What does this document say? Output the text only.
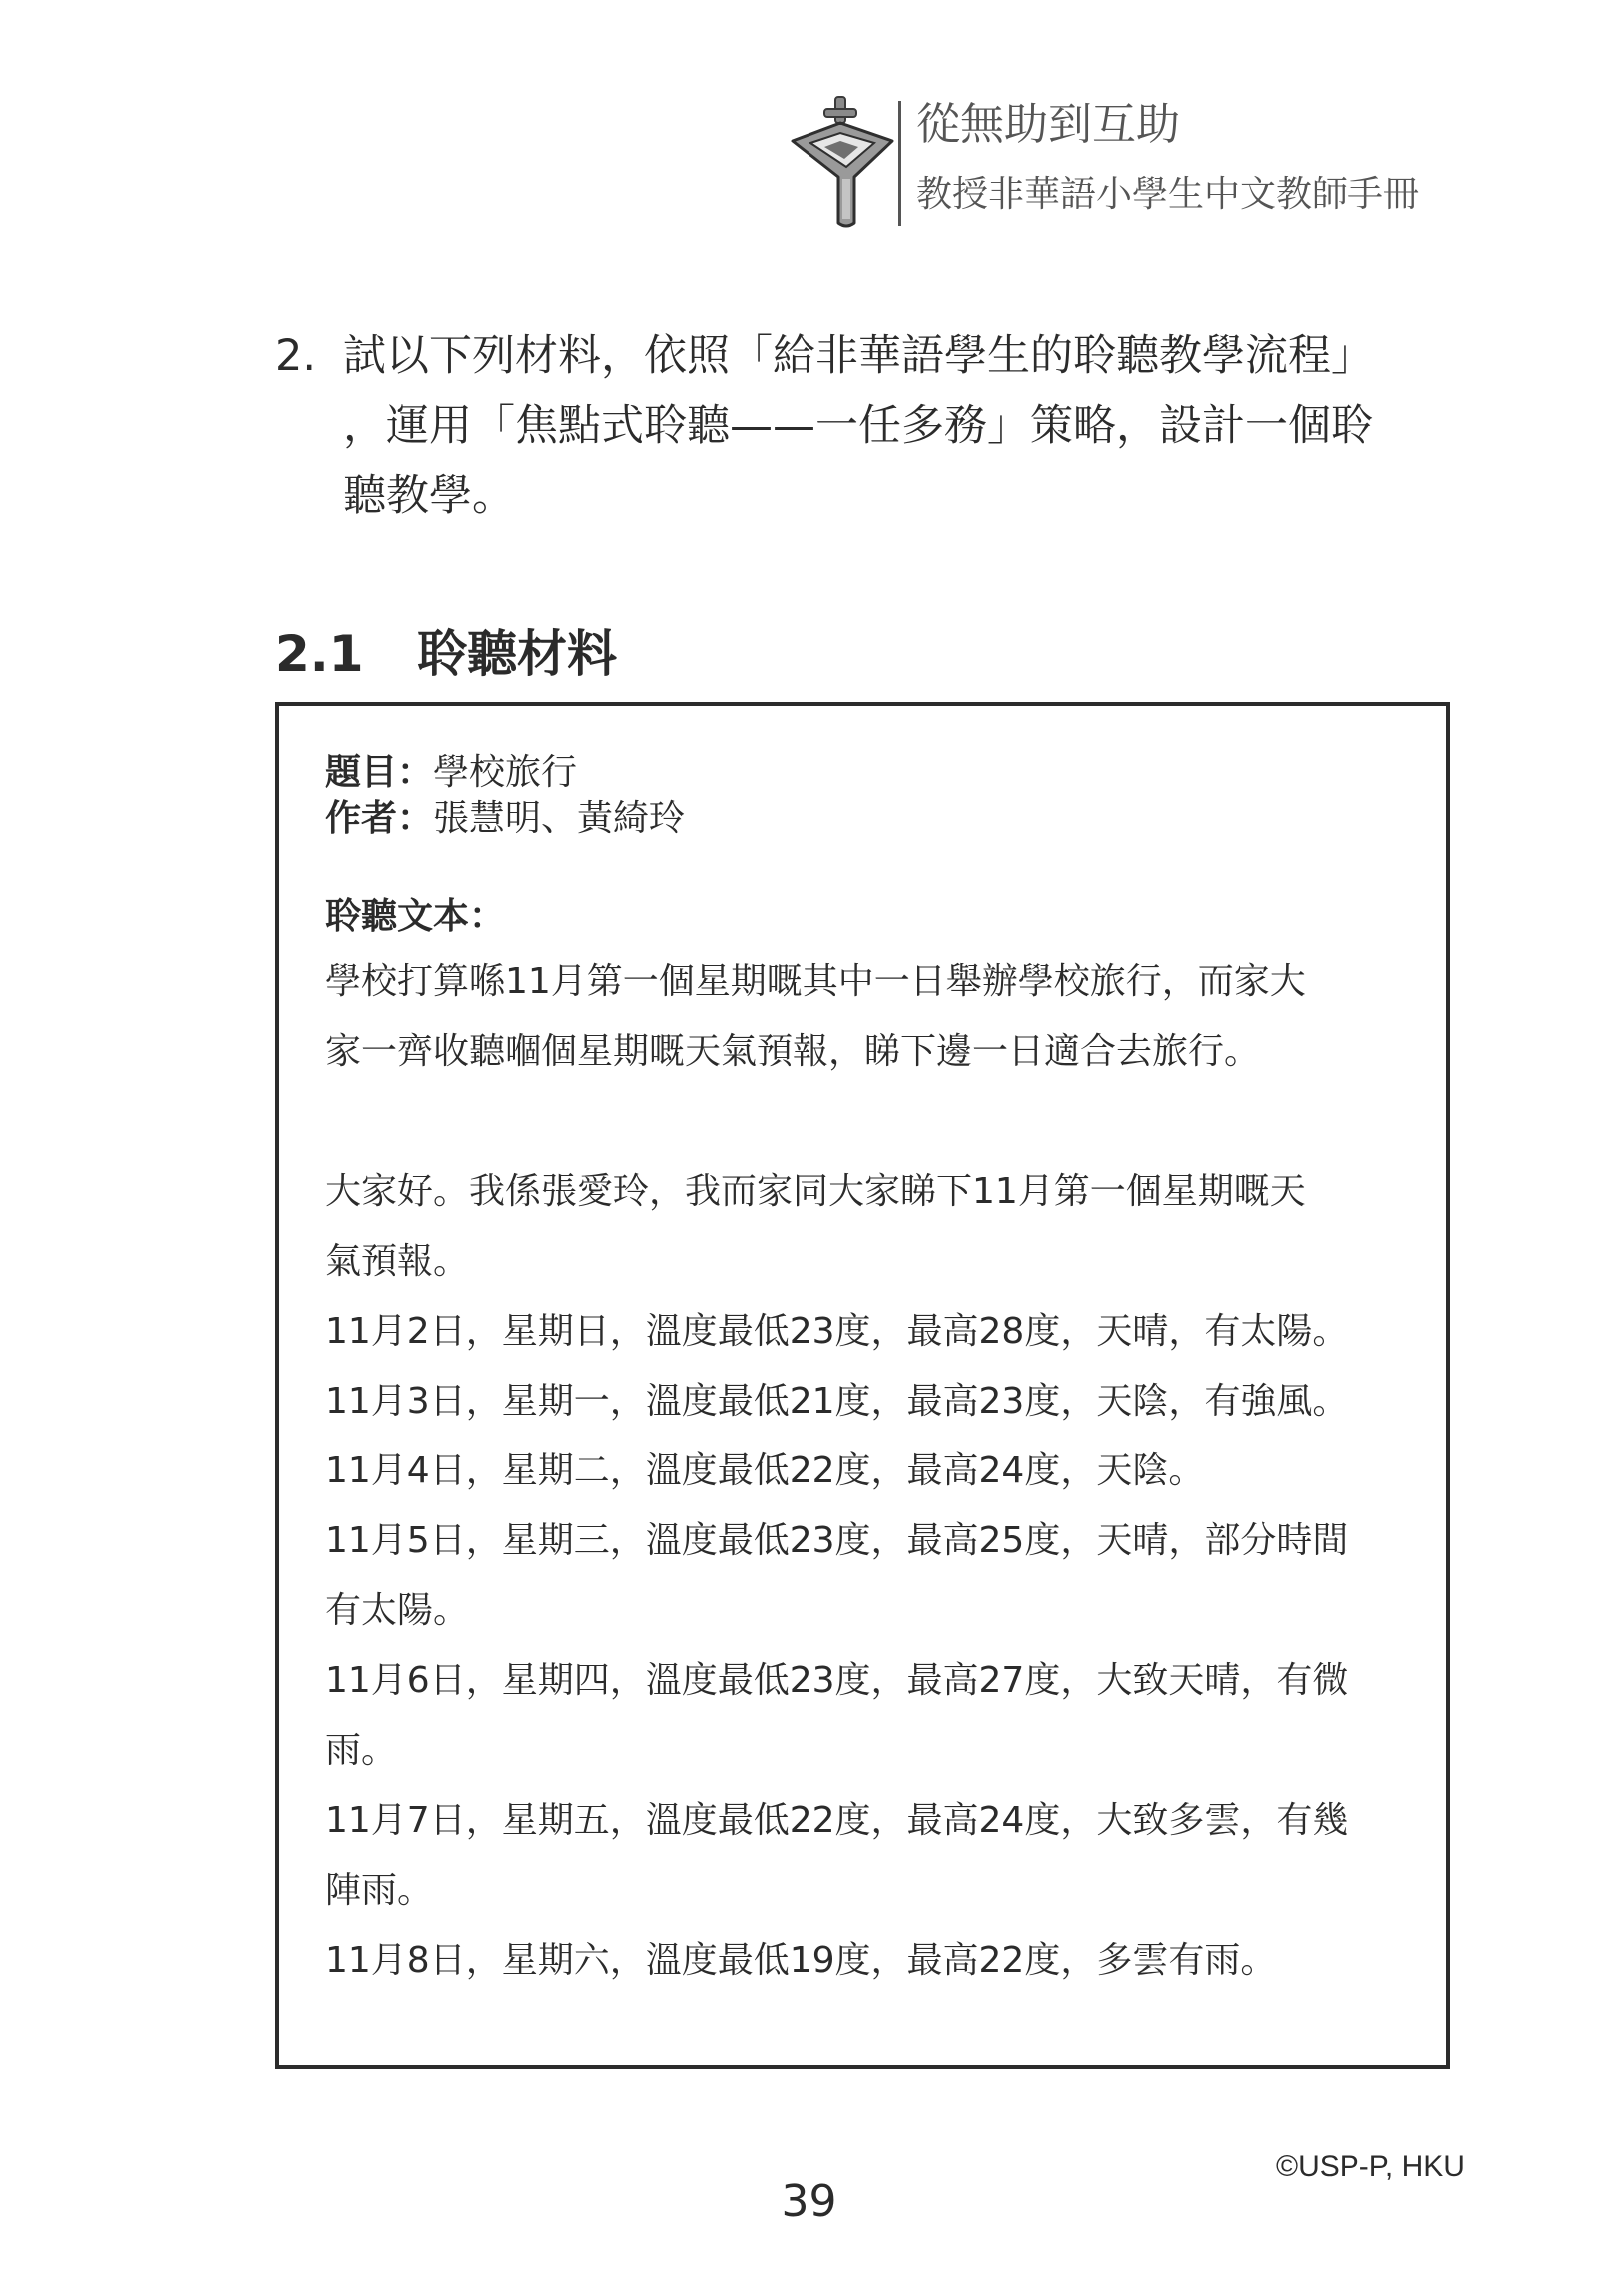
從無助到互助
教授非華語小學生中文教師手冊
2. 試以下列材料，依照「給非華語學生的聆聽教學流程」
，運用「焦點式聆聽——一任多務」策略，設計一個聆
聽教學。
2.1 聆聽材料
題目：學校旅行
作者：張慧明、黃綺玲
聆聽文本：
學校打算喺11月第一個星期嘅其中一日舉辦學校旅行，而家大
家一齊收聽嗰個星期嘅天氣預報，睇下邊一日適合去旅行。
大家好。我係張愛玲，我而家同大家睇下11月第一個星期嘅天
氣預報。
11月2日，星期日，溫度最低23度，最高28度，天晴，有太陽。
11月3日，星期一，溫度最低21度，最高23度，天陰，有強風。
11月4日，星期二，溫度最低22度，最高24度，天陰。
11月5日，星期三，溫度最低23度，最高25度，天晴，部分時間
有太陽。
11月6日，星期四，溫度最低23度，最高27度，大致天晴，有微
雨。
11月7日，星期五，溫度最低22度，最高24度，大致多雲，有幾
陣雨。
11月8日，星期六，溫度最低19度，最高22度，多雲有雨。
©USP-P, HKU
39
